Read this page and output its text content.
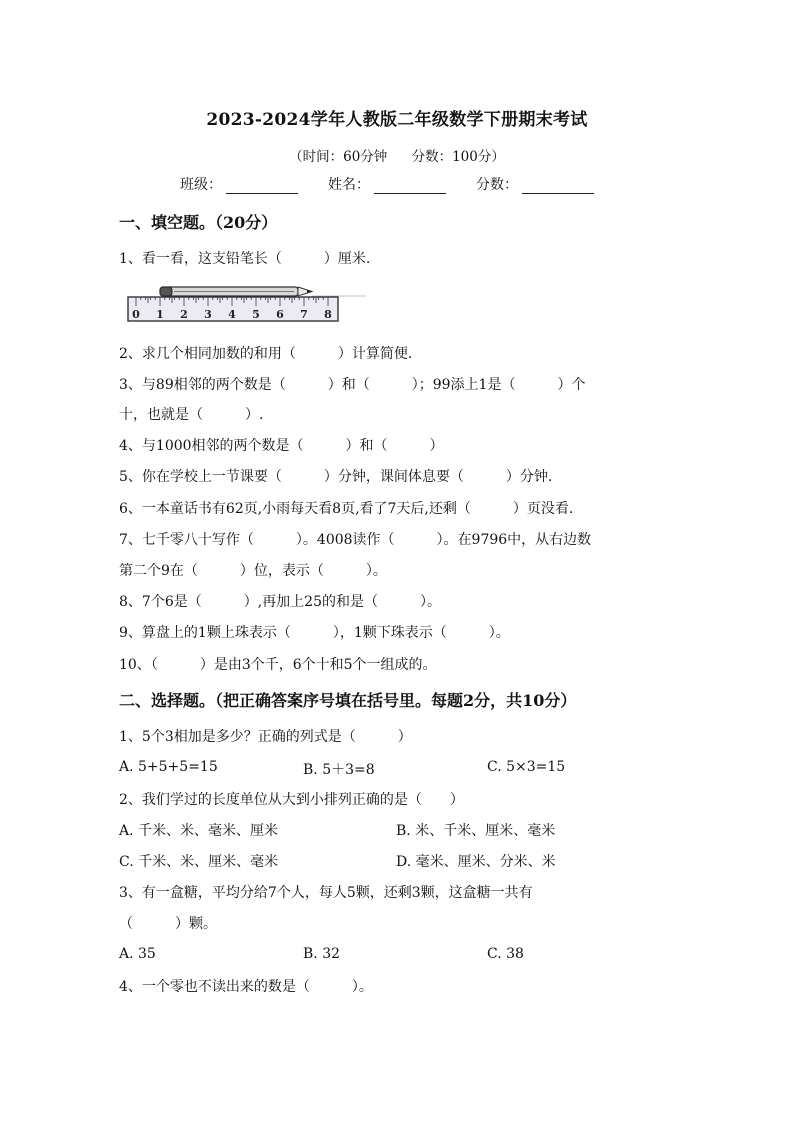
2023-2024学年人教版二年级数学下册期末考试
（时间：60分钟 分数：100分）
班级：	姓名：	分数：
一、填空题。（20分）
1、看一看，这支铅笔长（　　　）厘米.
0 1 2 3 4 5 6 7 8
2、求几个相同加数的和用（　　　）计算简便.
3、与89相邻的两个数是（　　　）和（　　　）；99添上1是（　　　）个
十，也就是（　　　）.
4、与1000相邻的两个数是（　　　）和（　　　）
5、你在学校上一节课要（　　　）分钟，课间体息要（　　　）分钟.
6、一本童话书有62页,小雨每天看8页,看了7天后,还剩（　　　）页没看.
7、七千零八十写作（　　　）。4008读作（　　　）。在9796中，从右边数
第二个9在（　　　）位，表示（　　　）。
8、7个6是（　　　）,再加上25的和是（　　　）。
9、算盘上的1颗上珠表示（　　　），1颗下珠表示（　　　）。
10、（　　　）是由3个千，6个十和5个一组成的。
二、选择题。（把正确答案序号填在括号里。每题2分，共10分）
1、5个3相加是多少？正确的列式是（　　　）
A. 5+5+5=15	B. 5＋3=8	C. 5×3=15
2、我们学过的长度单位从大到小排列正确的是（　　）
A. 千米、米、毫米、厘米	B. 米、千米、厘米、毫米
C. 千米、米、厘米、毫米	D. 毫米、厘米、分米、米
3、有一盒糖，平均分给7个人，每人5颗，还剩3颗，这盒糖一共有
（　　　）颗。
A. 35	B. 32	C. 38
4、一个零也不读出来的数是（　　　）。
